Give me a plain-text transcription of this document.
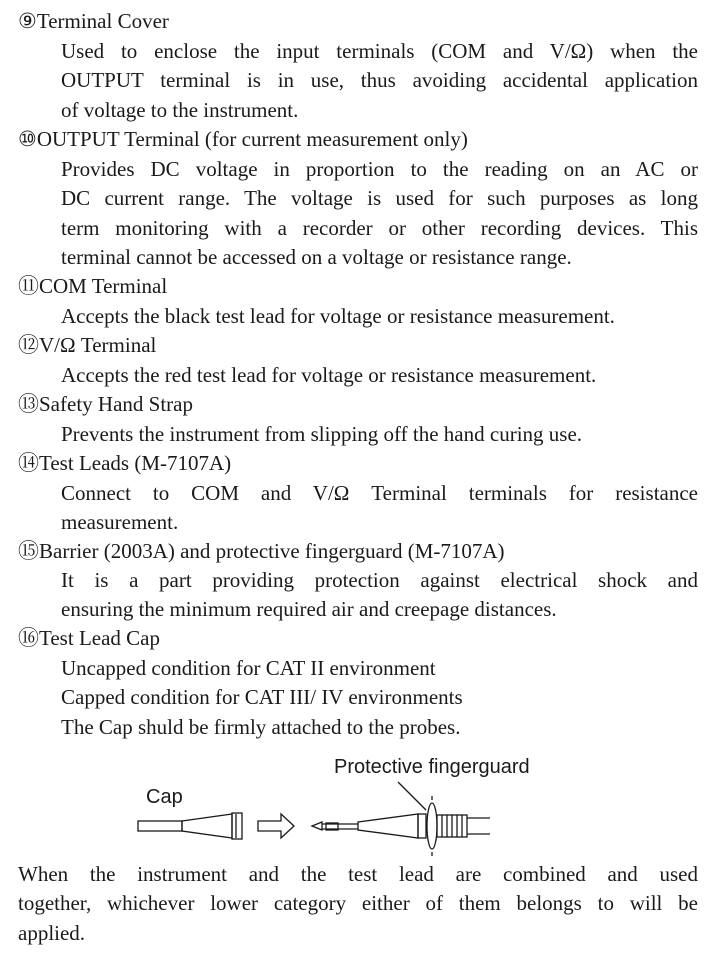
⑨Terminal Cover
Used to enclose the input terminals (COM and V/Ω) when the
OUTPUT terminal is in use, thus avoiding accidental application
of voltage to the instrument.
⑩OUTPUT Terminal (for current measurement only)
Provides DC voltage in proportion to the reading on an AC or
DC current range. The voltage is used for such purposes as long
term monitoring with a recorder or other recording devices. This
terminal cannot be accessed on a voltage or resistance range.
⑪COM Terminal
Accepts the black test lead for voltage or resistance measurement.
⑫V/Ω Terminal
Accepts the red test lead for voltage or resistance measurement.
⑬Safety Hand Strap
Prevents the instrument from slipping off the hand curing use.
⑭Test Leads (M-7107A)
Connect to COM and V/Ω Terminal terminals for resistance
measurement.
⑮Barrier (2003A) and protective fingerguard (M-7107A)
It is a part providing protection against electrical shock and
ensuring the minimum required air and creepage distances.
⑯Test Lead Cap
Uncapped condition for CAT II environment
Capped condition for CAT III/ IV environments
The Cap shuld be firmly attached to the probes.
Protective fingerguard
Cap
When the instrument and the test lead are combined and used
together, whichever lower category either of them belongs to will be
applied.
